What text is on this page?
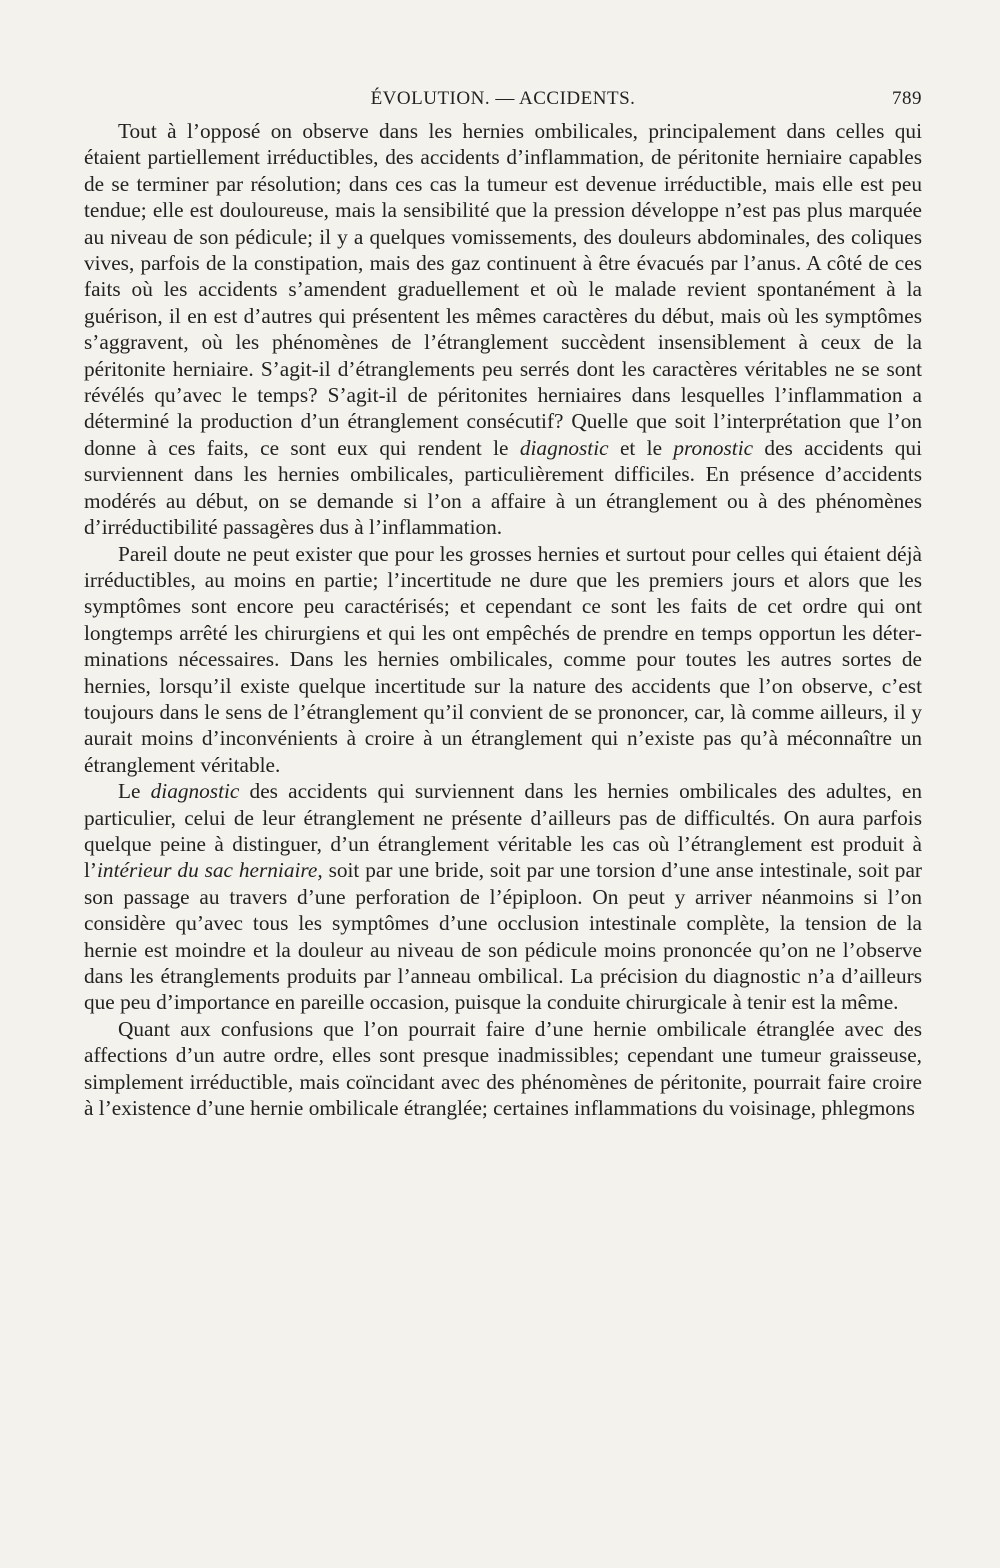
ÉVOLUTION. — ACCIDENTS.	789

Tout à l’opposé on observe dans les hernies ombilicales, principalement dans celles qui étaient partiellement irréductibles, des accidents d’inflammation, de péritonite herniaire capables de se terminer par résolution; dans ces cas la tumeur est devenue irréductible, mais elle est peu tendue; elle est douloureuse, mais la sensibilité que la pression développe n’est pas plus marquée au niveau de son pédicule; il y a quelques vomissements, des douleurs abdominales, des coliques vives, parfois de la constipation, mais des gaz continuent à être évacués par l’anus. A côté de ces faits où les accidents s’amendent graduellement et où le malade revient spontanément à la guérison, il en est d’autres qui présentent les mêmes caractères du début, mais où les symptômes s’aggravent, où les phénomènes de l’étranglement succèdent insensiblement à ceux de la péritonite herniaire. S’agit-il d’étranglements peu serrés dont les caractères véritables ne se sont révélés qu’avec le temps? S’agit-il de péritonites herniaires dans lesquelles l’inflammation a déterminé la production d’un étranglement consécutif? Quelle que soit l’interprétation que l’on donne à ces faits, ce sont eux qui rendent le diagnostic et le pronostic des accidents qui surviennent dans les hernies ombilicales, particulièrement difficiles. En présence d’accidents modérés au début, on se demande si l’on a affaire à un étranglement ou à des phénomènes d’irréductibilité passagères dus à l’inflammation.

Pareil doute ne peut exister que pour les grosses hernies et surtout pour celles qui étaient déjà irréductibles, au moins en partie; l’incertitude ne dure que les premiers jours et alors que les symptômes sont encore peu caractérisés; et cependant ce sont les faits de cet ordre qui ont longtemps arrêté les chirurgiens et qui les ont empêchés de prendre en temps opportun les déterminations nécessaires. Dans les hernies ombilicales, comme pour toutes les autres sortes de hernies, lorsqu’il existe quelque incertitude sur la nature des accidents que l’on observe, c’est toujours dans le sens de l’étranglement qu’il convient de se prononcer, car, là comme ailleurs, il y aurait moins d’inconvénients à croire à un étranglement qui n’existe pas qu’à méconnaître un étranglement véritable.

Le diagnostic des accidents qui surviennent dans les hernies ombilicales des adultes, en particulier, celui de leur étranglement ne présente d’ailleurs pas de difficultés. On aura parfois quelque peine à distinguer, d’un étranglement véritable les cas où l’étranglement est produit à l’intérieur du sac herniaire, soit par une bride, soit par une torsion d’une anse intestinale, soit par son passage au travers d’une perforation de l’épiploon. On peut y arriver néanmoins si l’on considère qu’avec tous les symptômes d’une occlusion intestinale complète, la tension de la hernie est moindre et la douleur au niveau de son pédicule moins prononcée qu’on ne l’observe dans les étranglements produits par l’anneau ombilical. La précision du diagnostic n’a d’ailleurs que peu d’importance en pareille occasion, puisque la conduite chirurgicale à tenir est la même.

Quant aux confusions que l’on pourrait faire d’une hernie ombilicale étranglée avec des affections d’un autre ordre, elles sont presque inadmissibles; cependant une tumeur graisseuse, simplement irréductible, mais coïncidant avec des phénomènes de péritonite, pourrait faire croire à l’existence d’une hernie ombilicale étranglée; certaines inflammations du voisinage, phlegmons
